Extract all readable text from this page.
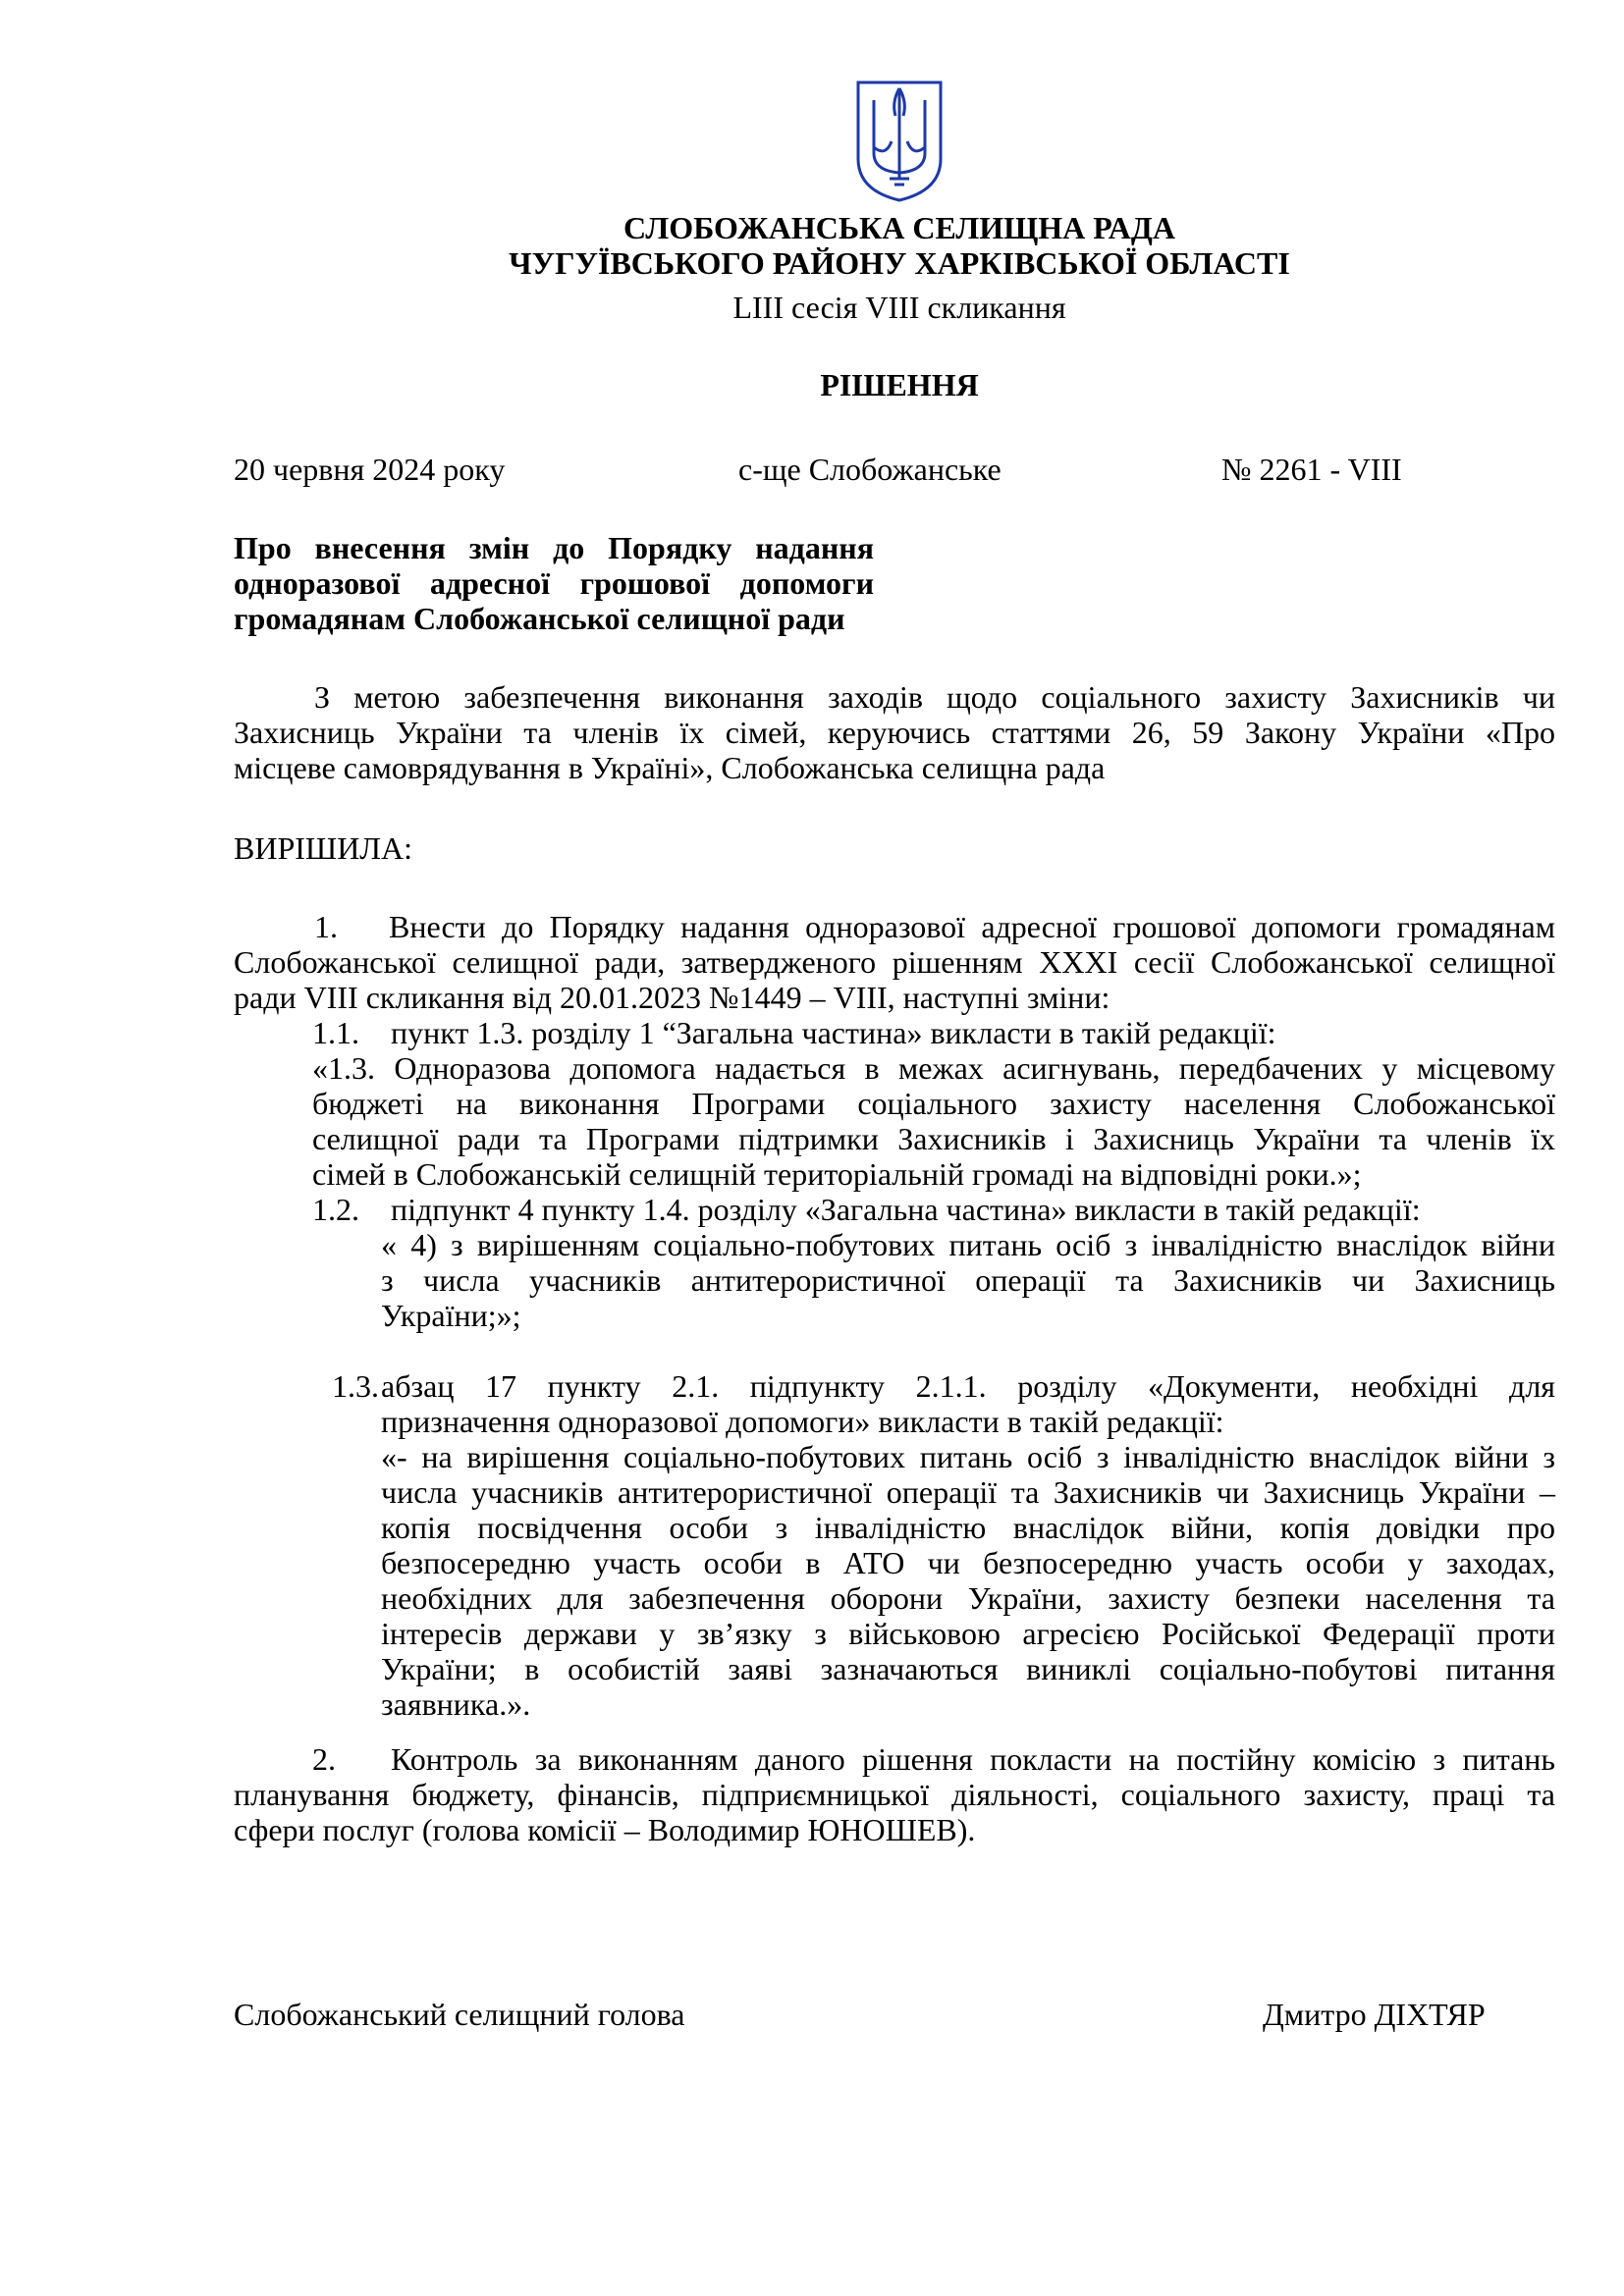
СЛОБОЖАНСЬКА СЕЛИЩНА РАДА
ЧУГУЇВСЬКОГО РАЙОНУ ХАРКІВСЬКОЇ ОБЛАСТІ
LIII сесія VIII скликання
РІШЕННЯ
20 червня 2024 року	с-ще Слобожанське	№ 2261 - VIII
Про внесення змін до Порядку надання
одноразової адресної грошової допомоги
громадянам Слобожанської селищної ради
З метою забезпечення виконання заходів щодо соціального захисту Захисників чи
Захисниць України та членів їх сімей, керуючись статтями 26, 59 Закону України «Про
місцеве самоврядування в Україні», Слобожанська селищна рада
ВИРІШИЛА:
1. Внести до Порядку надання одноразової адресної грошової допомоги громадянам
Слобожанської селищної ради, затвердженого рішенням XXXI сесії Слобожанської селищної
ради VIII скликання від 20.01.2023 №1449 – VIII, наступні зміни:
1.1. пункт 1.3. розділу 1 “Загальна частина» викласти в такій редакції:
«1.3. Одноразова допомога надається в межах асигнувань, передбачених у місцевому
бюджеті на виконання Програми соціального захисту населення Слобожанської
селищної ради та Програми підтримки Захисників і Захисниць України та членів їх
сімей в Слобожанській селищній територіальній громаді на відповідні роки.»;
1.2. підпункт 4 пункту 1.4. розділу «Загальна частина» викласти в такій редакції:
« 4) з вирішенням соціально-побутових питань осіб з інвалідністю внаслідок війни
з числа учасників антитерористичної операції та Захисників чи Захисниць
України;»;
1.3. абзац 17 пункту 2.1. підпункту 2.1.1. розділу «Документи, необхідні для
призначення одноразової допомоги» викласти в такій редакції:
«- на вирішення соціально-побутових питань осіб з інвалідністю внаслідок війни з
числа учасників антитерористичної операції та Захисників чи Захисниць України –
копія посвідчення особи з інвалідністю внаслідок війни, копія довідки про
безпосередню участь особи в АТО чи безпосередню участь особи у заходах,
необхідних для забезпечення оборони України, захисту безпеки населення та
інтересів держави у зв’язку з військовою агресією Російської Федерації проти
України; в особистій заяві зазначаються виниклі соціально-побутові питання
заявника.».
2. Контроль за виконанням даного рішення покласти на постійну комісію з питань
планування бюджету, фінансів, підприємницької діяльності, соціального захисту, праці та
сфери послуг (голова комісії – Володимир ЮНОШЕВ).
Слобожанський селищний голова	Дмитро ДІХТЯР
